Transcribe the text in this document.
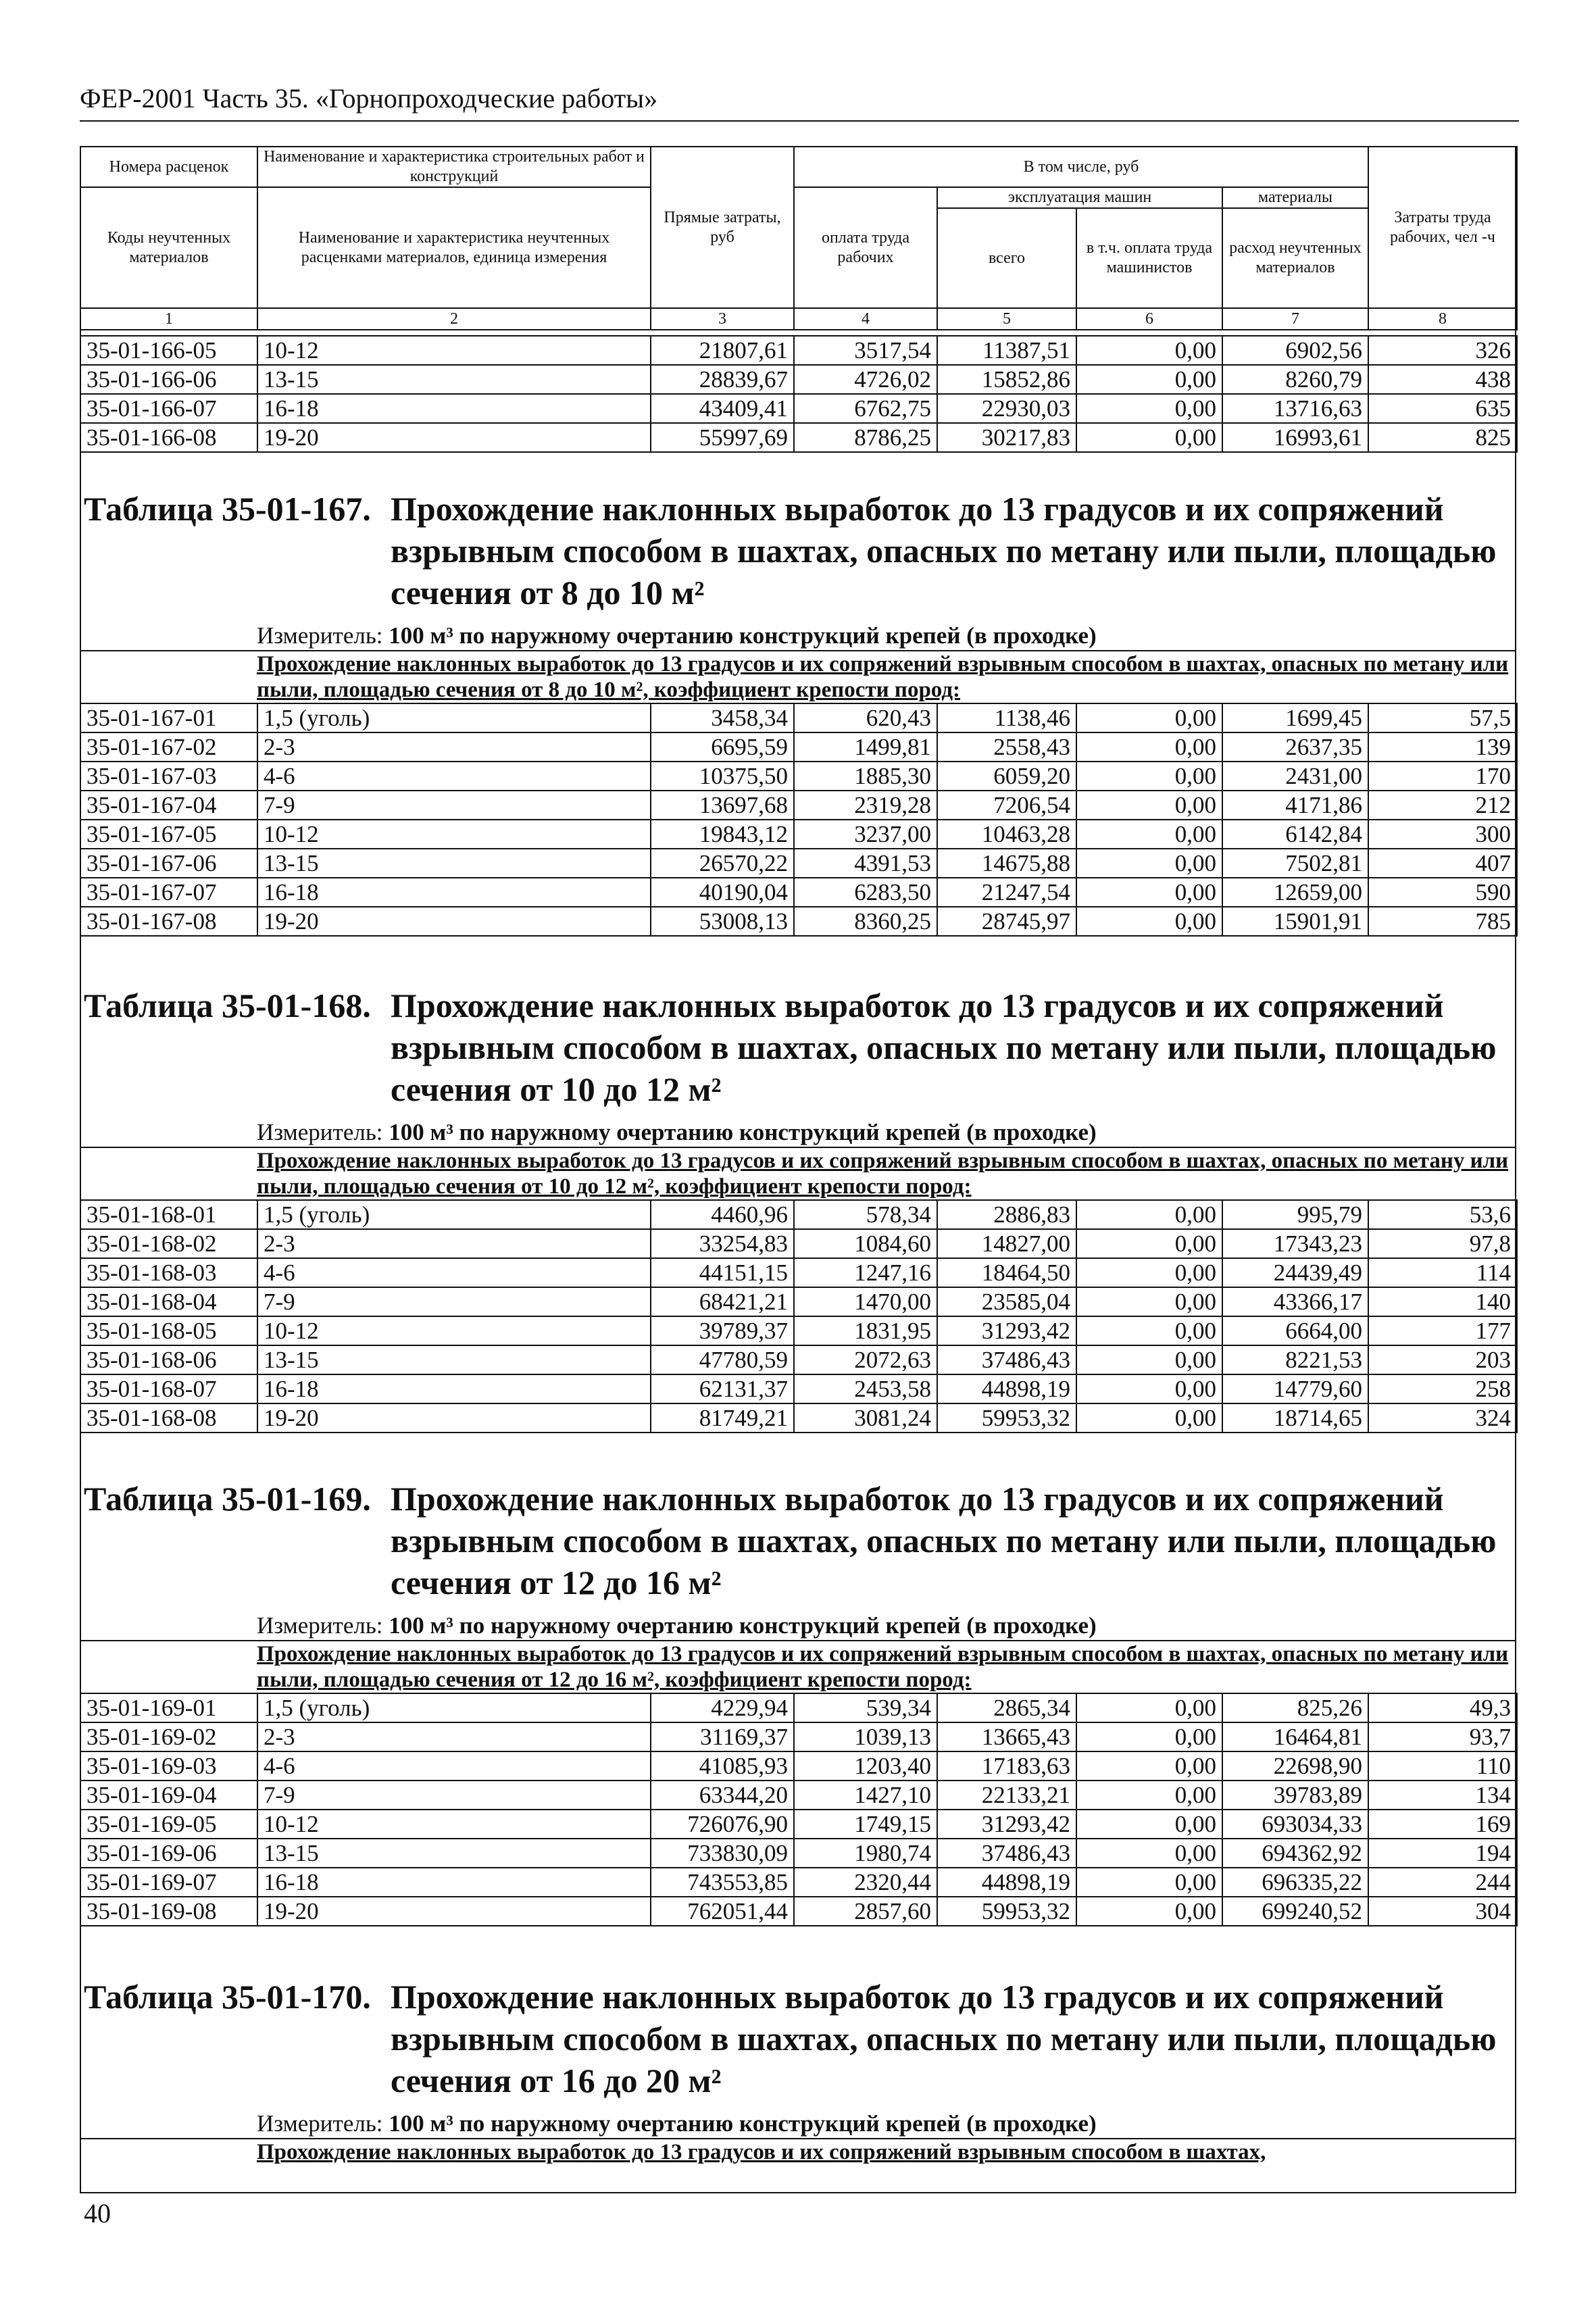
ФЕР-2001 Часть 35. «Горнопроходческие работы»
Номера расценок	Наименование и характеристика строительных работ и конструкций	Прямые затраты, руб	В том числе, руб				Затраты труда рабочих, чел -ч
Коды неучтенных материалов	Наименование и характеристика неучтенных расценками материалов, единица измерения		оплата труда рабочих	эксплуатация машин		материалы	
				всего	в т.ч. оплата труда машинистов	расход неучтенных материалов	
1	2	3	4	5	6	7	8
35-01-166-05	10-12	21807,61	3517,54	11387,51	0,00	6902,56	326
35-01-166-06	13-15	28839,67	4726,02	15852,86	0,00	8260,79	438
35-01-166-07	16-18	43409,41	6762,75	22930,03	0,00	13716,63	635
35-01-166-08	19-20	55997,69	8786,25	30217,83	0,00	16993,61	825
Таблица 35-01-167. Прохождение наклонных выработок до 13 градусов и их сопряжений взрывным способом в шахтах, опасных по метану или пыли, площадью сечения от 8 до 10 м²
Измеритель: 100 м³ по наружному очертанию конструкций крепей (в проходке)
Прохождение наклонных выработок до 13 градусов и их сопряжений взрывным способом в шахтах, опасных по метану или пыли, площадью сечения от 8 до 10 м², коэффициент крепости пород:
35-01-167-01	1,5 (уголь)	3458,34	620,43	1138,46	0,00	1699,45	57,5
35-01-167-02	2-3	6695,59	1499,81	2558,43	0,00	2637,35	139
35-01-167-03	4-6	10375,50	1885,30	6059,20	0,00	2431,00	170
35-01-167-04	7-9	13697,68	2319,28	7206,54	0,00	4171,86	212
35-01-167-05	10-12	19843,12	3237,00	10463,28	0,00	6142,84	300
35-01-167-06	13-15	26570,22	4391,53	14675,88	0,00	7502,81	407
35-01-167-07	16-18	40190,04	6283,50	21247,54	0,00	12659,00	590
35-01-167-08	19-20	53008,13	8360,25	28745,97	0,00	15901,91	785
Таблица 35-01-168. Прохождение наклонных выработок до 13 градусов и их сопряжений взрывным способом в шахтах, опасных по метану или пыли, площадью сечения от 10 до 12 м²
Измеритель: 100 м³ по наружному очертанию конструкций крепей (в проходке)
Прохождение наклонных выработок до 13 градусов и их сопряжений взрывным способом в шахтах, опасных по метану или пыли, площадью сечения от 10 до 12 м², коэффициент крепости пород:
35-01-168-01	1,5 (уголь)	4460,96	578,34	2886,83	0,00	995,79	53,6
35-01-168-02	2-3	33254,83	1084,60	14827,00	0,00	17343,23	97,8
35-01-168-03	4-6	44151,15	1247,16	18464,50	0,00	24439,49	114
35-01-168-04	7-9	68421,21	1470,00	23585,04	0,00	43366,17	140
35-01-168-05	10-12	39789,37	1831,95	31293,42	0,00	6664,00	177
35-01-168-06	13-15	47780,59	2072,63	37486,43	0,00	8221,53	203
35-01-168-07	16-18	62131,37	2453,58	44898,19	0,00	14779,60	258
35-01-168-08	19-20	81749,21	3081,24	59953,32	0,00	18714,65	324
Таблица 35-01-169. Прохождение наклонных выработок до 13 градусов и их сопряжений взрывным способом в шахтах, опасных по метану или пыли, площадью сечения от 12 до 16 м²
Измеритель: 100 м³ по наружному очертанию конструкций крепей (в проходке)
Прохождение наклонных выработок до 13 градусов и их сопряжений взрывным способом в шахтах, опасных по метану или пыли, площадью сечения от 12 до 16 м², коэффициент крепости пород:
35-01-169-01	1,5 (уголь)	4229,94	539,34	2865,34	0,00	825,26	49,3
35-01-169-02	2-3	31169,37	1039,13	13665,43	0,00	16464,81	93,7
35-01-169-03	4-6	41085,93	1203,40	17183,63	0,00	22698,90	110
35-01-169-04	7-9	63344,20	1427,10	22133,21	0,00	39783,89	134
35-01-169-05	10-12	726076,90	1749,15	31293,42	0,00	693034,33	169
35-01-169-06	13-15	733830,09	1980,74	37486,43	0,00	694362,92	194
35-01-169-07	16-18	743553,85	2320,44	44898,19	0,00	696335,22	244
35-01-169-08	19-20	762051,44	2857,60	59953,32	0,00	699240,52	304
Таблица 35-01-170. Прохождение наклонных выработок до 13 градусов и их сопряжений взрывным способом в шахтах, опасных по метану или пыли, площадью сечения от 16 до 20 м²
Измеритель: 100 м³ по наружному очертанию конструкций крепей (в проходке)
Прохождение наклонных выработок до 13 градусов и их сопряжений взрывным способом в шахтах,
40
